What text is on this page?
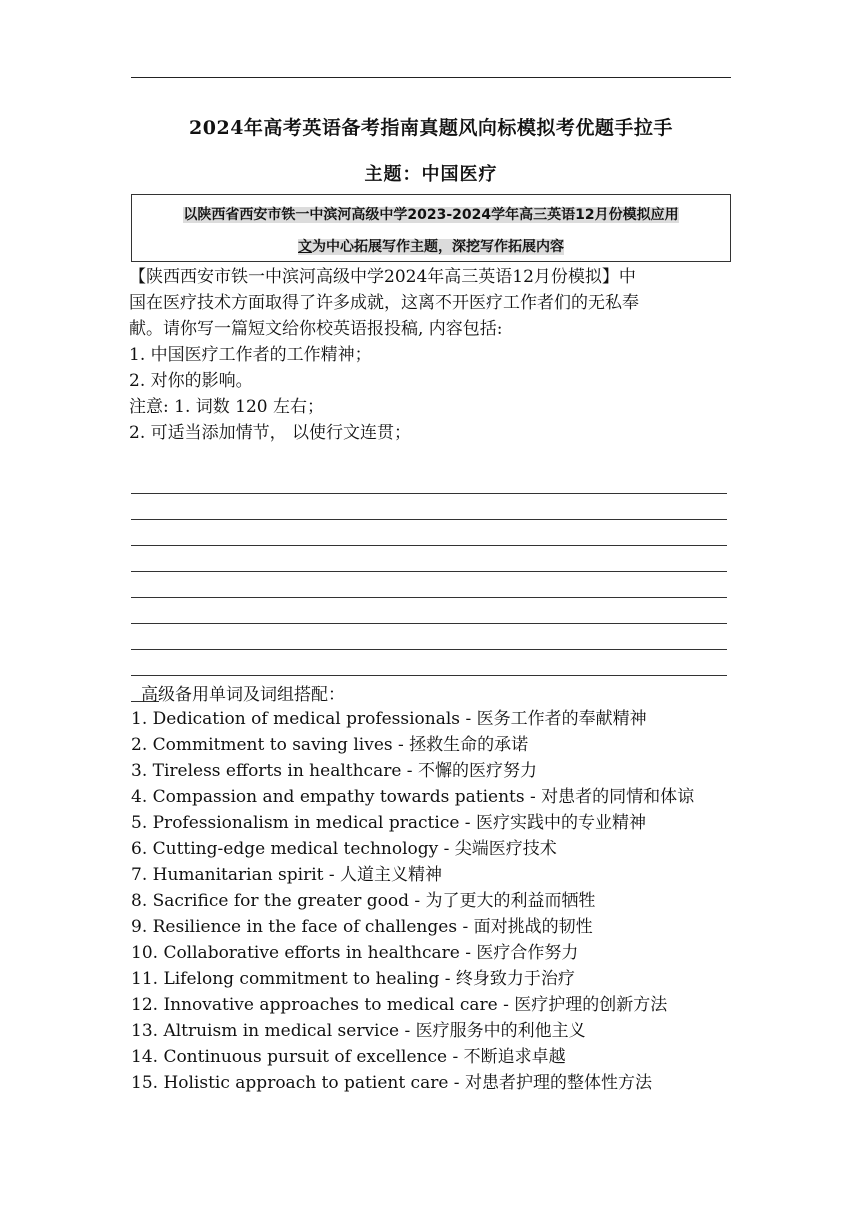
2024年高考英语备考指南真题风向标模拟考优题手拉手
主题：中国医疗
以陕西省西安市铁一中滨河高级中学2023-2024学年高三英语12月份模拟应用
文为中心拓展写作主题，深挖写作拓展内容

【陕西西安市铁一中滨河高级中学2024年高三英语12月份模拟】中

国在医疗技术方面取得了许多成就，这离不开医疗工作者们的无私奉

献。请你写一篇短文给你校英语报投稿, 内容包括:

1. 中国医疗工作者的工作精神；

2. 对你的影响。

注意: 1. 词数 120 左右；

2. 可适当添加情节， 以使行文连贯；

高级备用单词及词组搭配：
1. Dedication of medical professionals - 医务工作者的奉献精神
2. Commitment to saving lives - 拯救生命的承诺
3. Tireless efforts in healthcare - 不懈的医疗努力
4. Compassion and empathy towards patients - 对患者的同情和体谅
5. Professionalism in medical practice - 医疗实践中的专业精神
6. Cutting-edge medical technology - 尖端医疗技术
7. Humanitarian spirit - 人道主义精神
8. Sacrifice for the greater good - 为了更大的利益而牺牲
9. Resilience in the face of challenges - 面对挑战的韧性
10. Collaborative efforts in healthcare - 医疗合作努力
11. Lifelong commitment to healing - 终身致力于治疗
12. Innovative approaches to medical care - 医疗护理的创新方法
13. Altruism in medical service - 医疗服务中的利他主义
14. Continuous pursuit of excellence - 不断追求卓越
15. Holistic approach to patient care - 对患者护理的整体性方法
